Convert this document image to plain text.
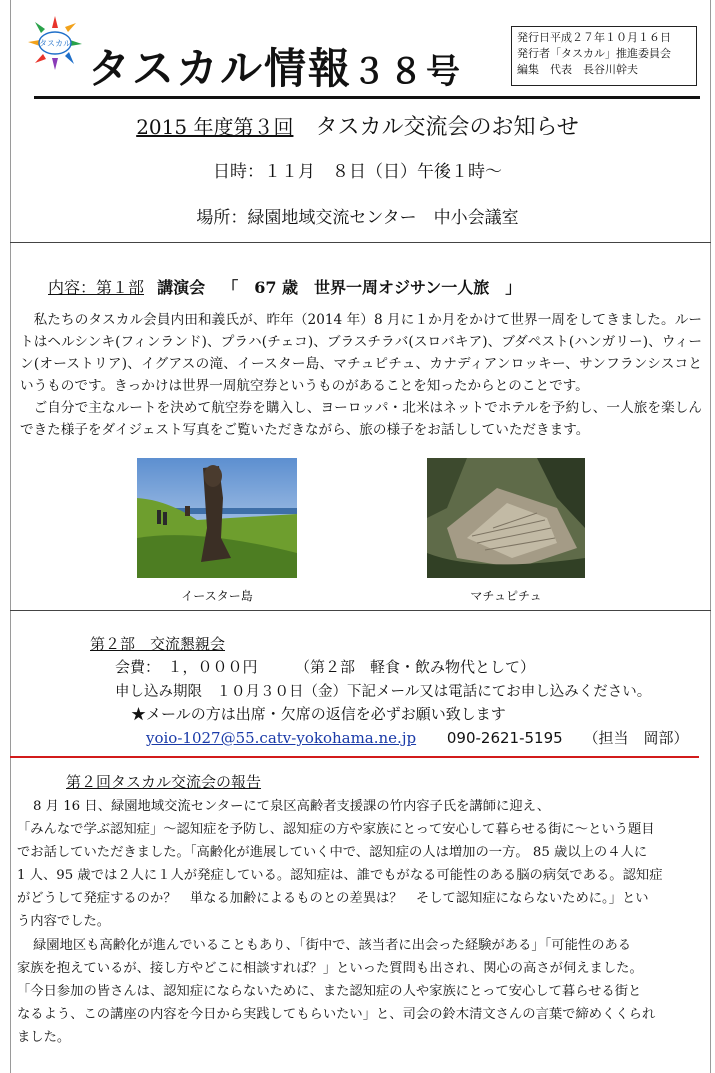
タスカル
タスカル情報３８号
発行日平成２７年１０月１６日
発行者「タスカル」推進委員会
編集　代表　長谷川幹夫
2015 年度第３回 タスカル交流会のお知らせ
日時：１１月　８日（日）午後１時～
場所：緑園地域交流センター　中小会議室
内容：第１部 講演会 「　67 歳　世界一周オジサン一人旅　」

私たちのタスカル会員内田和義氏が、昨年（2014 年）8 月に１か月をかけて世界一周をしてきました。ルートはヘルシンキ(フィンランド)、プラハ(チェコ)、ブラスチラバ(スロバキア)、ブダペスト(ハンガリー)、ウィーン(オーストリア)、イグアスの滝、イースター島、マチュピチュ、カナディアンロッキー、サンフランシスコというものです。きっかけは世界一周航空券というものがあることを知ったからとのことです。

ご自分で主なルートを決めて航空券を購入し、ヨーロッパ・北米はネットでホテルを予約し、一人旅を楽しんできた様子をダイジェスト写真をご覧いただきながら、旅の様子をお話ししていただきます。

イースター島	マチュピチュ
第２部　交流懇親会
会費：　１，０００円　　　（第２部　軽食・飲み物代として）
申し込み期限　１０月３０日（金）下記メール又は電話にてお申し込みください。
★メールの方は出席・欠席の返信を必ずお願い致します
yoio-1027@55.catv-yokohama.ne.jp 090-2621-5195 （担当　岡部）
第２回タスカル交流会の報告
8 月 16 日、緑園地域交流センターにて泉区高齢者支援課の竹内容子氏を講師に迎え、
「みんなで学ぶ認知症」～認知症を予防し、認知症の方や家族にとって安心して暮らせる街に～という題目
でお話していただきました。「高齢化が進展していく中で、認知症の人は増加の一方。 85 歳以上の４人に
1 人、95 歳では２人に１人が発症している。認知症は、誰でもがなる可能性のある脳の病気である。認知症
がどうして発症するのか？　単なる加齢によるものとの差異は？　そして認知症にならないために。」とい
う内容でした。
緑園地区も高齢化が進んでいることもあり、「街中で、該当者に出会った経験がある」「可能性のある
家族を抱えているが、接し方やどこに相談すれば？」といった質問も出され、関心の高さが伺えました。
「今日参加の皆さんは、認知症にならないために、また認知症の人や家族にとって安心して暮らせる街と
なるよう、この講座の内容を今日から実践してもらいたい」と、司会の鈴木清文さんの言葉で締めくくられ
ました。
